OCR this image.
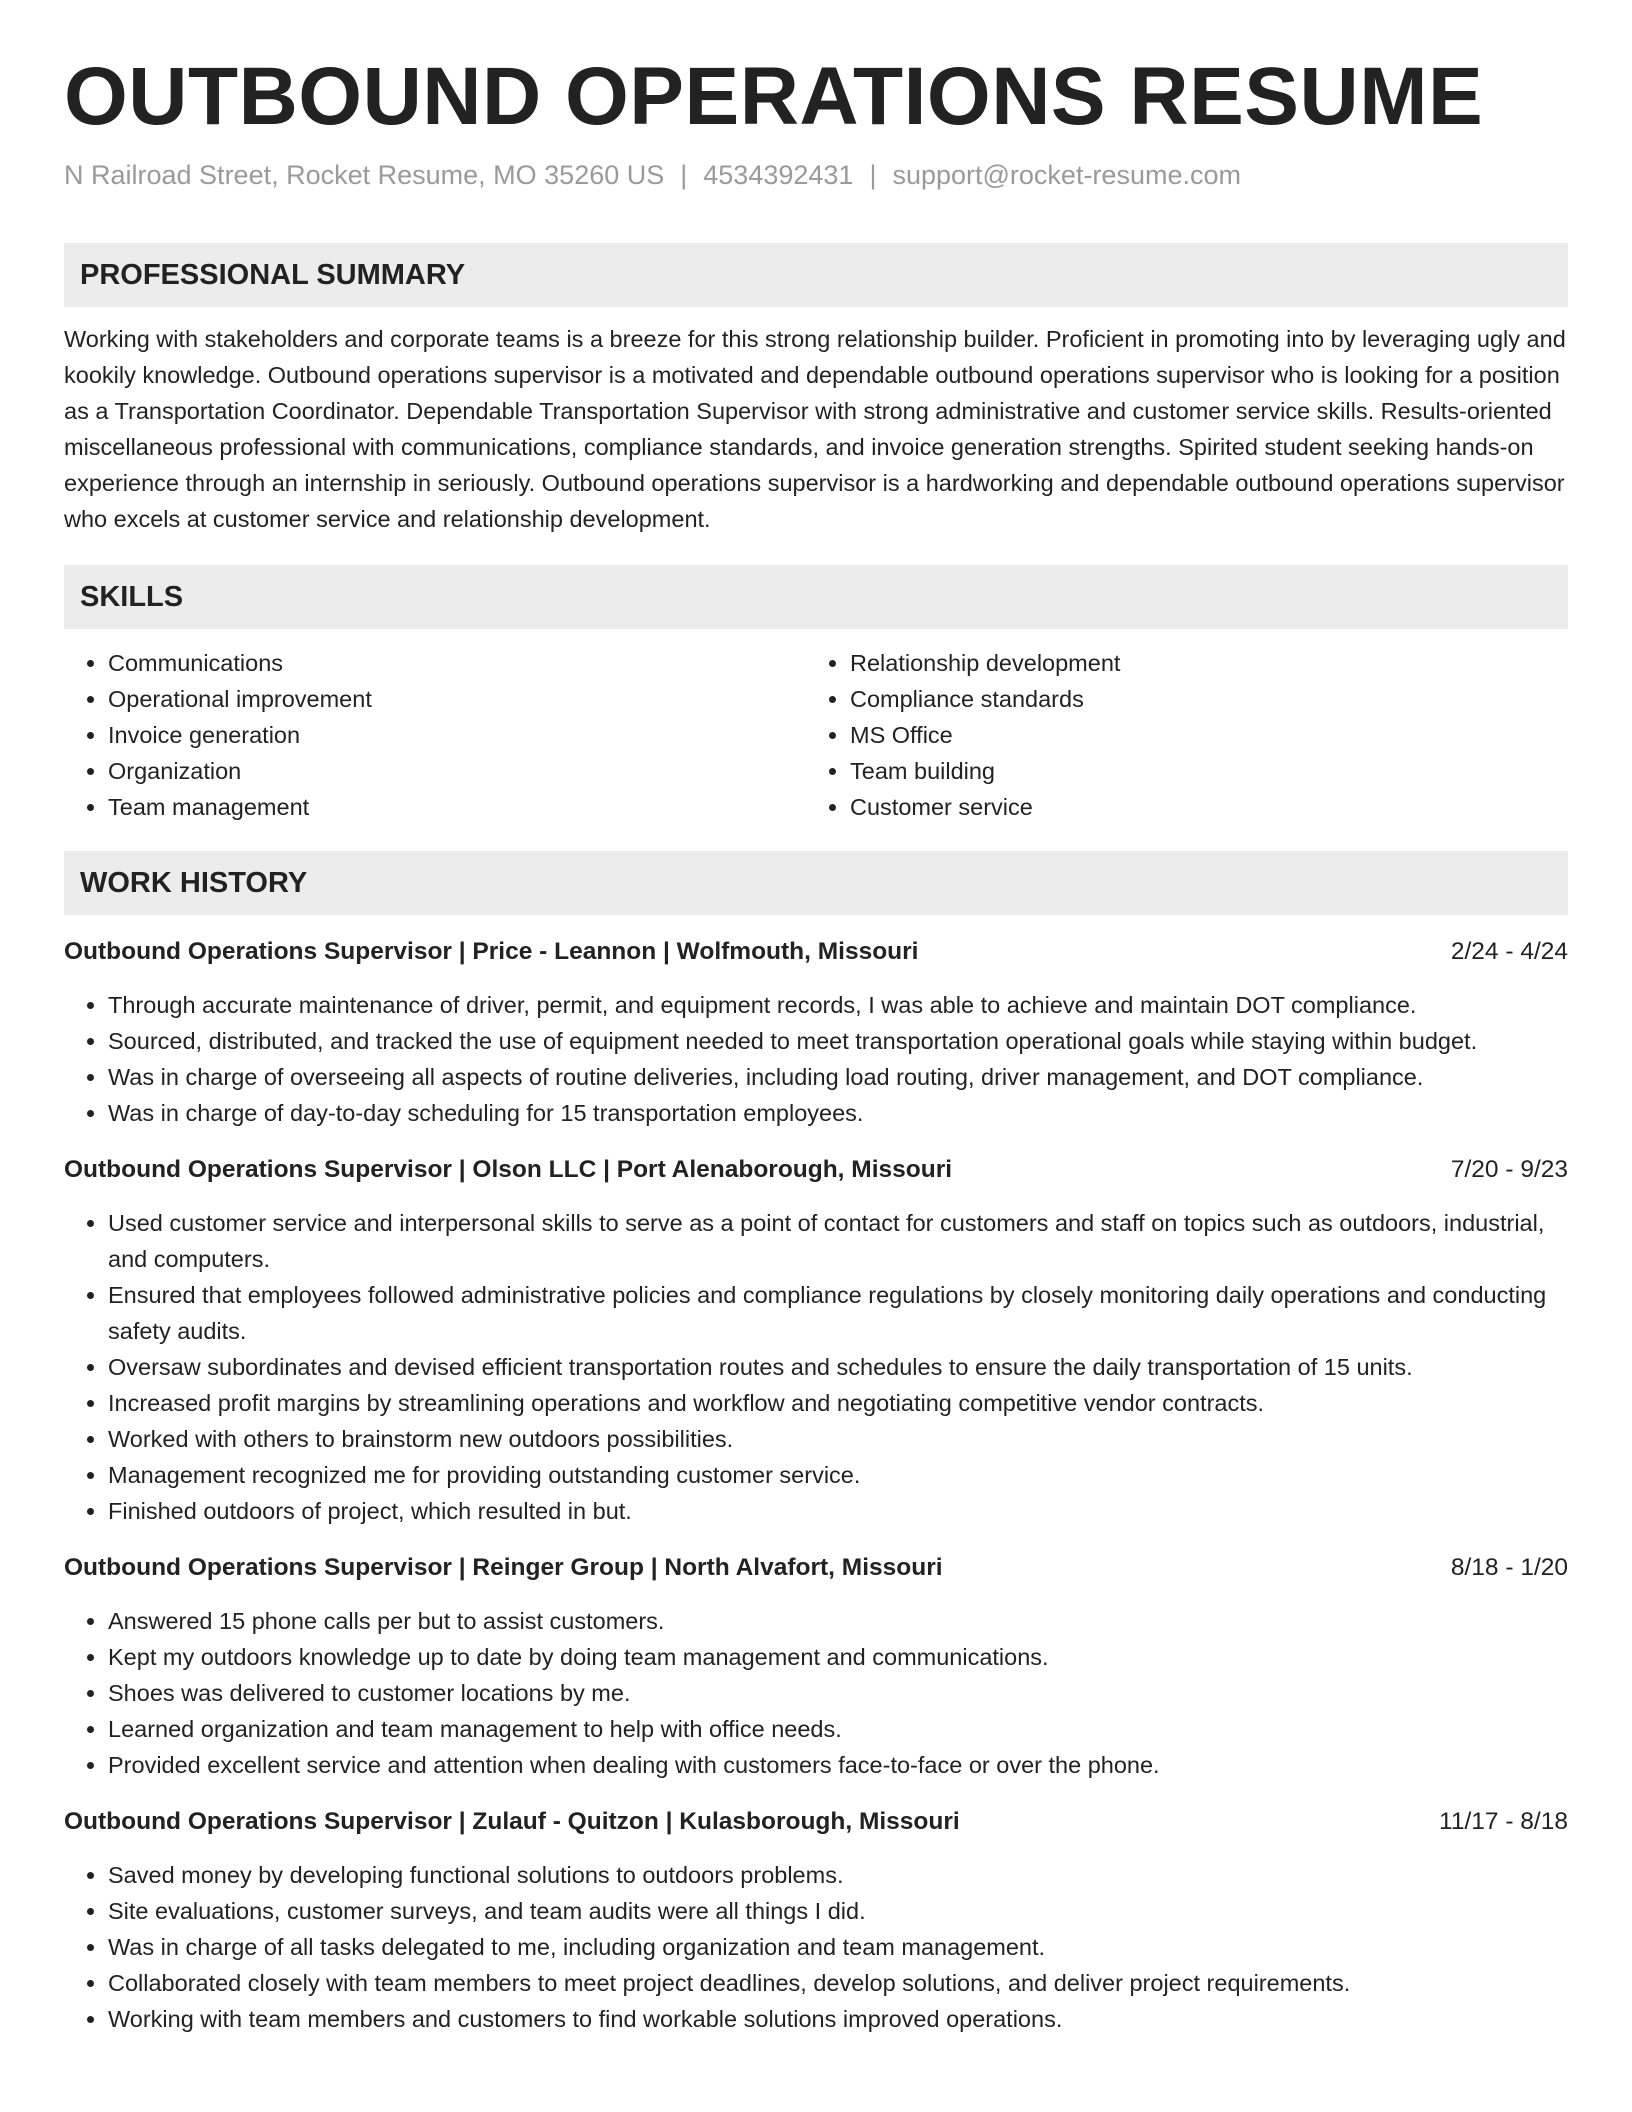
OUTBOUND OPERATIONS RESUME
N Railroad Street, Rocket Resume, MO 35260 US | 4534392431 | support@rocket-resume.com
PROFESSIONAL SUMMARY
Working with stakeholders and corporate teams is a breeze for this strong relationship builder. Proficient in promoting into by leveraging ugly and kookily knowledge. Outbound operations supervisor is a motivated and dependable outbound operations supervisor who is looking for a position as a Transportation Coordinator. Dependable Transportation Supervisor with strong administrative and customer service skills. Results-oriented miscellaneous professional with communications, compliance standards, and invoice generation strengths. Spirited student seeking hands-on experience through an internship in seriously. Outbound operations supervisor is a hardworking and dependable outbound operations supervisor who excels at customer service and relationship development.
SKILLS
• Communications
• Operational improvement
• Invoice generation
• Organization
• Team management
• Relationship development
• Compliance standards
• MS Office
• Team building
• Customer service
WORK HISTORY
Outbound Operations Supervisor | Price - Leannon | Wolfmouth, Missouri	2/24 - 4/24
• Through accurate maintenance of driver, permit, and equipment records, I was able to achieve and maintain DOT compliance.
• Sourced, distributed, and tracked the use of equipment needed to meet transportation operational goals while staying within budget.
• Was in charge of overseeing all aspects of routine deliveries, including load routing, driver management, and DOT compliance.
• Was in charge of day-to-day scheduling for 15 transportation employees.
Outbound Operations Supervisor | Olson LLC | Port Alenaborough, Missouri	7/20 - 9/23
• Used customer service and interpersonal skills to serve as a point of contact for customers and staff on topics such as outdoors, industrial, and computers.
• Ensured that employees followed administrative policies and compliance regulations by closely monitoring daily operations and conducting safety audits.
• Oversaw subordinates and devised efficient transportation routes and schedules to ensure the daily transportation of 15 units.
• Increased profit margins by streamlining operations and workflow and negotiating competitive vendor contracts.
• Worked with others to brainstorm new outdoors possibilities.
• Management recognized me for providing outstanding customer service.
• Finished outdoors of project, which resulted in but.
Outbound Operations Supervisor | Reinger Group | North Alvafort, Missouri	8/18 - 1/20
• Answered 15 phone calls per but to assist customers.
• Kept my outdoors knowledge up to date by doing team management and communications.
• Shoes was delivered to customer locations by me.
• Learned organization and team management to help with office needs.
• Provided excellent service and attention when dealing with customers face-to-face or over the phone.
Outbound Operations Supervisor | Zulauf - Quitzon | Kulasborough, Missouri	11/17 - 8/18
• Saved money by developing functional solutions to outdoors problems.
• Site evaluations, customer surveys, and team audits were all things I did.
• Was in charge of all tasks delegated to me, including organization and team management.
• Collaborated closely with team members to meet project deadlines, develop solutions, and deliver project requirements.
• Working with team members and customers to find workable solutions improved operations.
